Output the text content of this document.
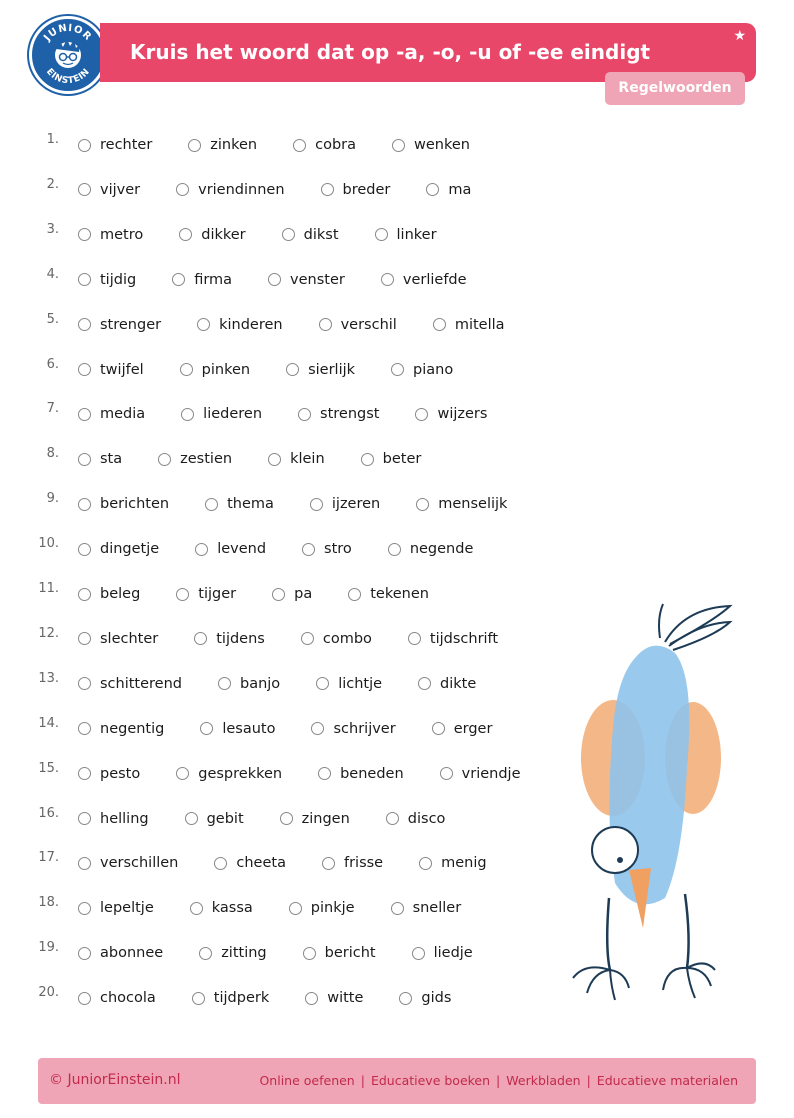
JUNIOR
EINSTEIN
Kruis het woord dat op -a, -o, -u of -ee eindigt
★
Regelwoorden
1.	rechter	zinken	cobra	wenken
2.	vijver	vriendinnen	breder	ma
3.	metro	dikker	dikst	linker
4.	tijdig	firma	venster	verliefde
5.	strenger	kinderen	verschil	mitella
6.	twijfel	pinken	sierlijk	piano
7.	media	liederen	strengst	wijzers
8.	sta	zestien	klein	beter
9.	berichten	thema	ijzeren	menselijk
10.	dingetje	levend	stro	negende
11.	beleg	tijger	pa	tekenen
12.	slechter	tijdens	combo	tijdschrift
13.	schitterend	banjo	lichtje	dikte
14.	negentig	lesauto	schrijver	erger
15.	pesto	gesprekken	beneden	vriendje
16.	helling	gebit	zingen	disco
17.	verschillen	cheeta	frisse	menig
18.	lepeltje	kassa	pinkje	sneller
19.	abonnee	zitting	bericht	liedje
20.	chocola	tijdperk	witte	gids
© JuniorEinstein.nl	Online oefenen | Educatieve boeken | Werkbladen | Educatieve materialen
